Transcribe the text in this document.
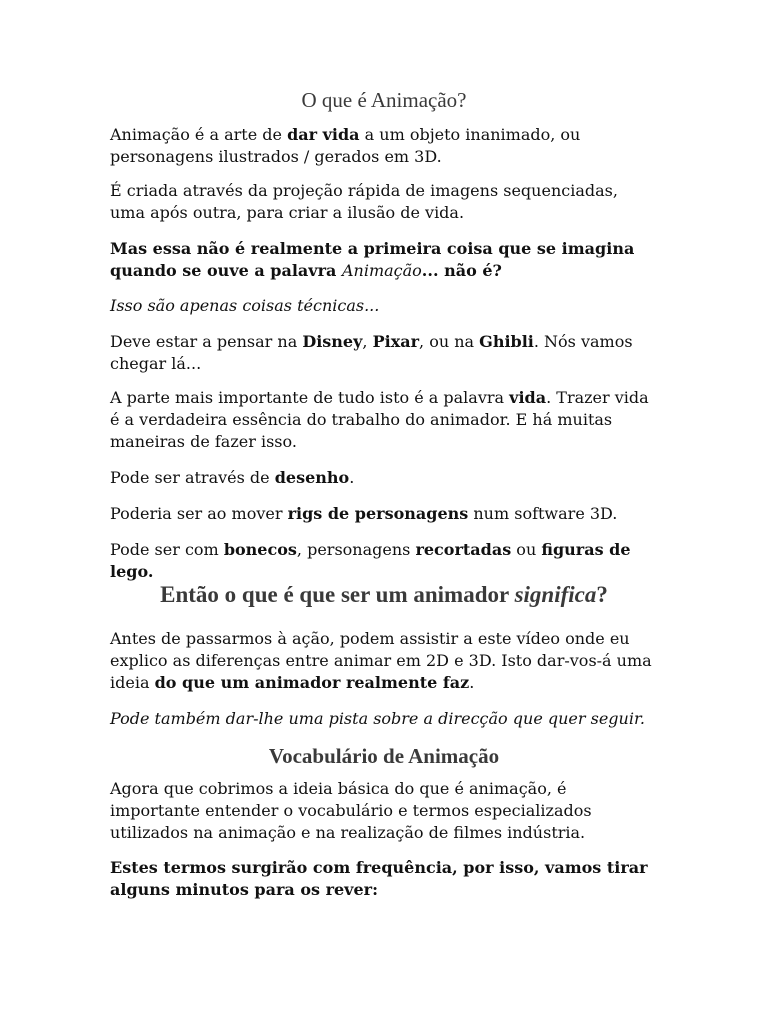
O que é Animação?

Animação é a arte de dar vida a um objeto inanimado, ou personagens ilustrados / gerados em 3D.

É criada através da projeção rápida de imagens sequenciadas, uma após outra, para criar a ilusão de vida.

Mas essa não é realmente a primeira coisa que se imagina quando se ouve a palavra Animação... não é?

Isso são apenas coisas técnicas...

Deve estar a pensar na Disney, Pixar, ou na Ghibli. Nós vamos chegar lá...

A parte mais importante de tudo isto é a palavra vida. Trazer vida é a verdadeira essência do trabalho do animador. E há muitas maneiras de fazer isso.

Pode ser através de desenho.

Poderia ser ao mover rigs de personagens num software 3D.

Pode ser com bonecos, personagens recortadas ou figuras de lego.

Então o que é que ser um animador significa?

Antes de passarmos à ação, podem assistir a este vídeo onde eu explico as diferenças entre animar em 2D e 3D. Isto dar-vos-á uma ideia do que um animador realmente faz.

Pode também dar-lhe uma pista sobre a direcção que quer seguir.

Vocabulário de Animação

Agora que cobrimos a ideia básica do que é animação, é importante entender o vocabulário e termos especializados utilizados na animação e na realização de filmes indústria.

Estes termos surgirão com frequência, por isso, vamos tirar alguns minutos para os rever:
